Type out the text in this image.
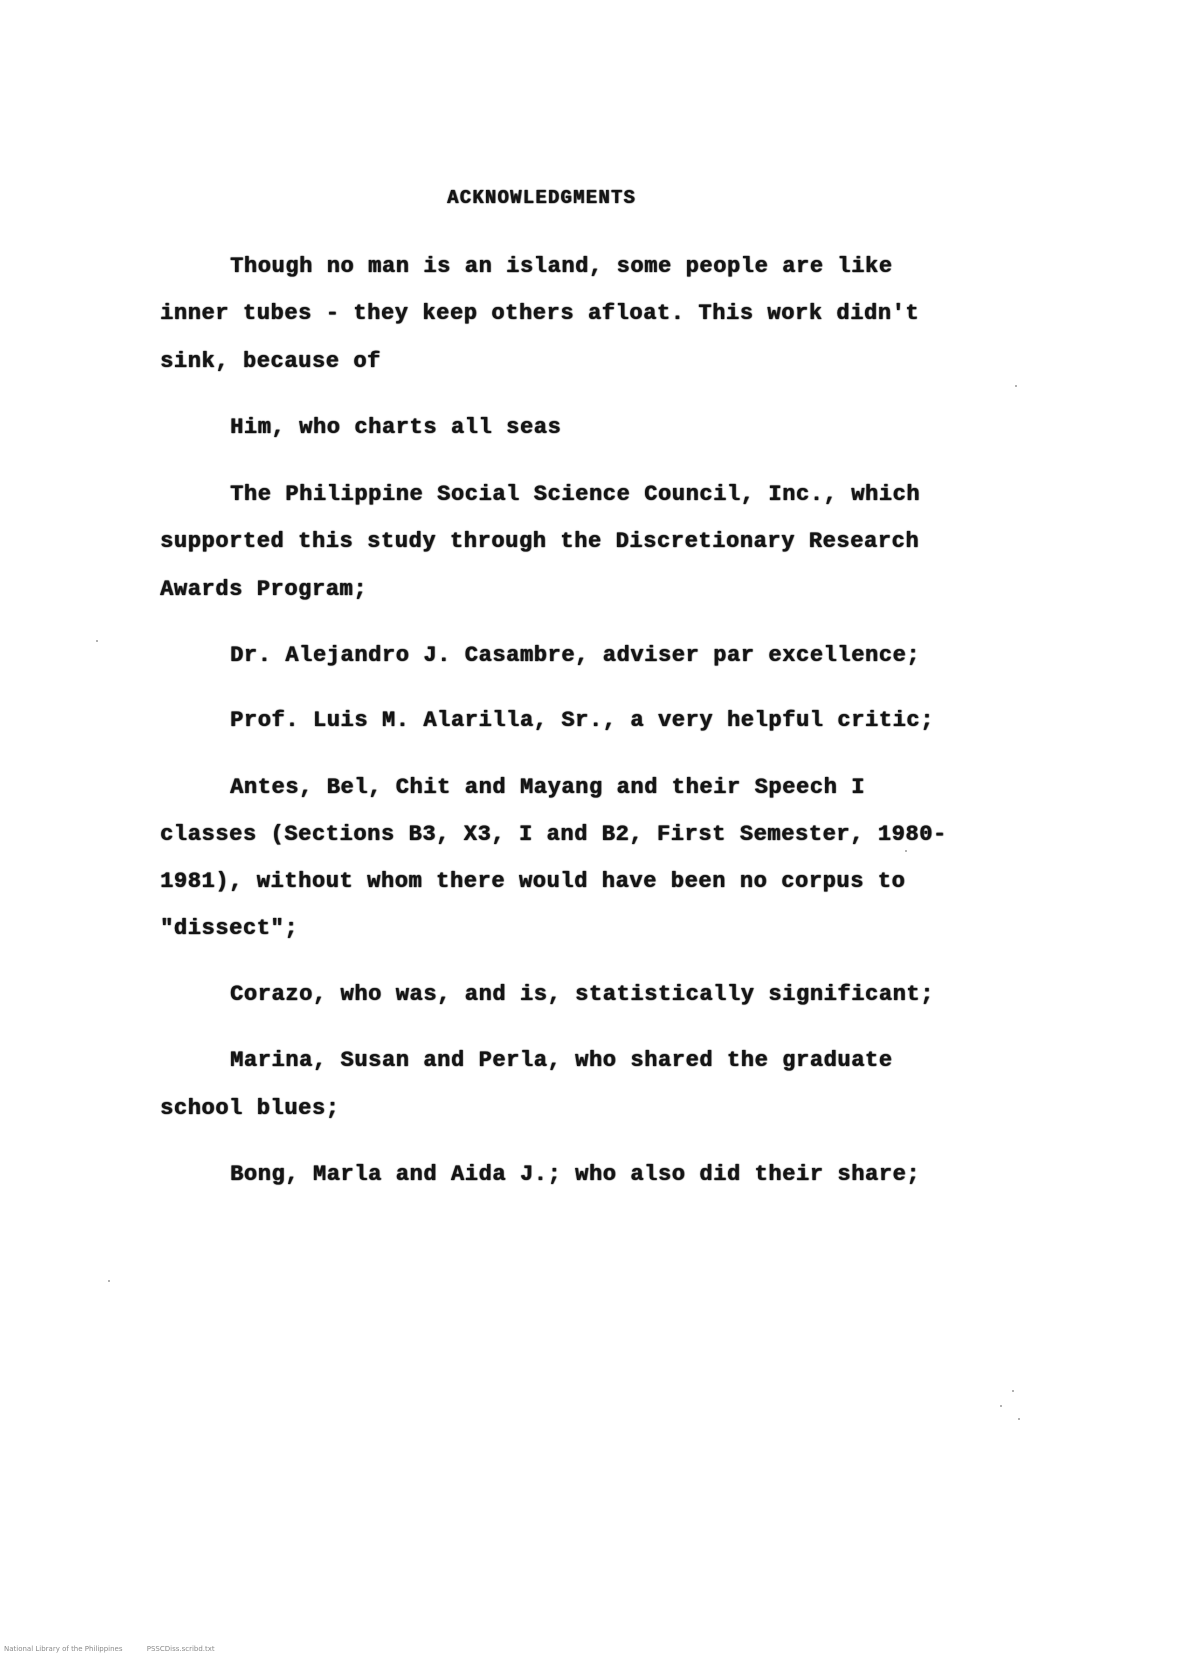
ACKNOWLEDGMENTS
Though no man is an island, some people are like
inner tubes - they keep others afloat. This work didn't
sink, because of
Him, who charts all seas
The Philippine Social Science Council, Inc., which
supported this study through the Discretionary Research
Awards Program;
Dr. Alejandro J. Casambre, adviser par excellence;
Prof. Luis M. Alarilla, Sr., a very helpful critic;
Antes, Bel, Chit and Mayang and their Speech I
classes (Sections B3, X3, I and B2, First Semester, 1980-
1981), without whom there would have been no corpus to
"dissect";
Corazo, who was, and is, statistically significant;
Marina, Susan and Perla, who shared the graduate
school blues;
Bong, Marla and Aida J.; who also did their share;
National Library of the Philippines	PSSCDiss.scribd.txt
